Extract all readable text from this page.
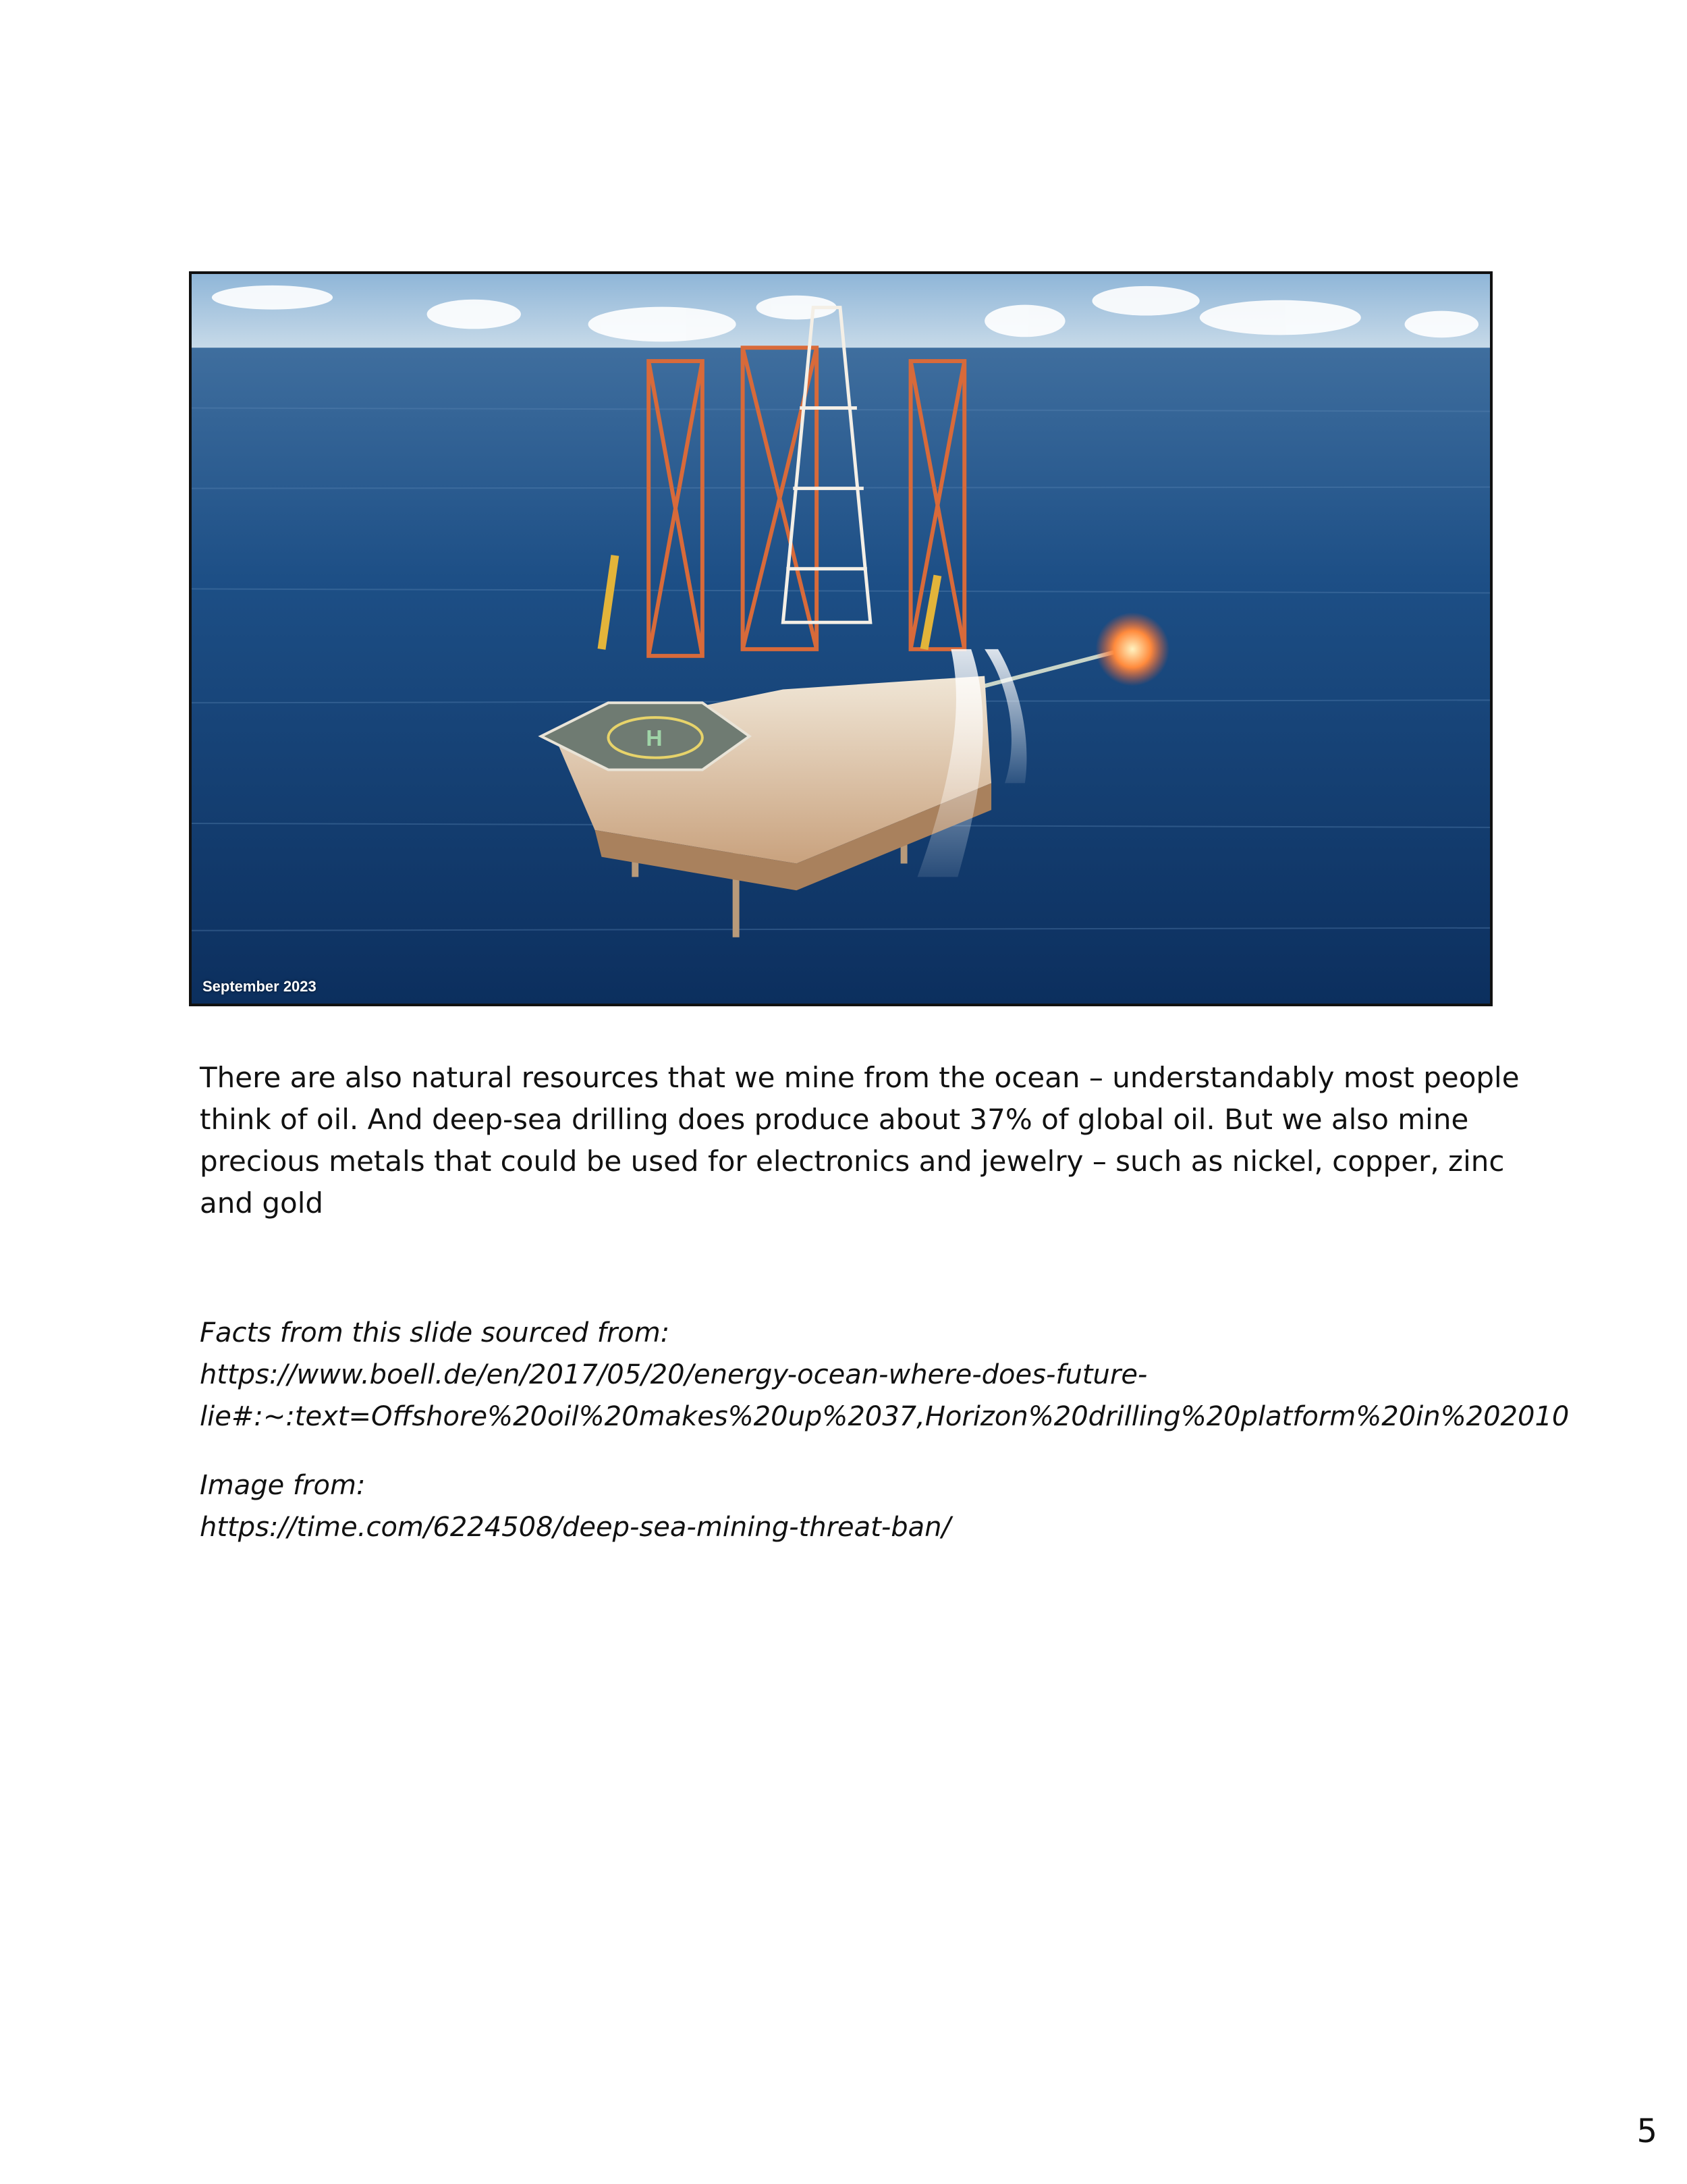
H
September 2023

There are also natural resources that we mine from the ocean – understandably most people think of oil. And deep-sea drilling does produce about 37% of global oil. But we also mine precious metals that could be used for electronics and jewelry – such as nickel, copper, zinc and gold

Facts from this slide sourced from:
https://www.boell.de/en/2017/05/20/energy-ocean-where-does-future-
lie#:~:text=Offshore%20oil%20makes%20up%2037,Horizon%20drilling%20platform%20in%202010
Image from:
https://time.com/6224508/deep-sea-mining-threat-ban/
5
